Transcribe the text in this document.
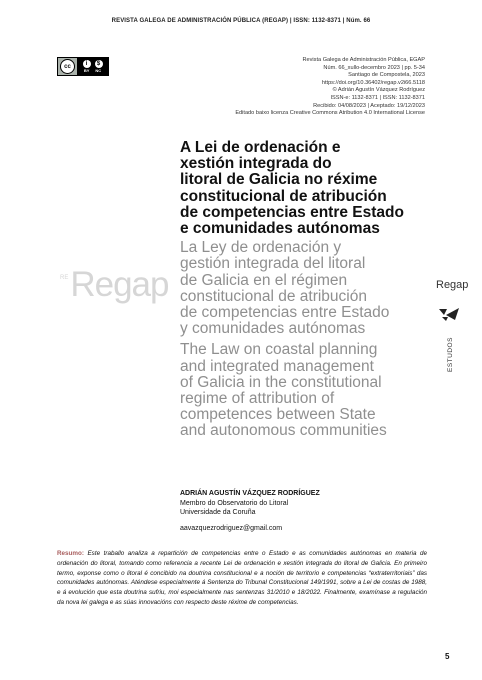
REVISTA GALEGA DE ADMINISTRACIÓN PÚBLICA (REGAP) | ISSN: 1132-8371 | Núm. 66
cc	i	$
BY NC
Revista Galega de Administración Pública, EGAP
Núm. 66_xullo-decembro 2023 | pp. 5-34
Santiago de Compostela, 2023
https://doi.org/10.36402/regap.v2i66.5118
© Adrián Agustín Vázquez Rodríguez
ISSN-e: 1132-8371 | ISSN: 1132-8371
Recibido: 04/08/2023 | Aceptado: 19/12/2023
Editado baixo licenza Creative Commons Atribution 4.0 International License
$^{RE}$Regap
A Lei de ordenación e
xestión integrada do
litoral de Galicia no réxime
constitucional de atribución
de competencias entre Estado
e comunidades autónomas
La Ley de ordenación y
gestión integrada del litoral
de Galicia en el régimen
constitucional de atribución
de competencias entre Estado
y comunidades autónomas
The Law on coastal planning
and integrated management
of Galicia in the constitutional
regime of attribution of
competences between State
and autonomous communities
Regap
ESTUDOS
ADRIÁN AGUSTÍN VÁZQUEZ RODRÍGUEZ
Membro do Observatorio do Litoral
Universidade da Coruña
aavazquezrodriguez@gmail.com
Resumo: Este traballo analiza a repartición de competencias entre o Estado e as comunidades autónomas en materia de ordenación do litoral, tomando como referencia a recente Lei de ordenación e xestión integrada do litoral de Galicia. En primeiro termo, exponse como o litoral é concibido na doutrina constitucional e a noción de territorio e competencias “extraterritoriais” das comunidades autónomas. Aténdese especialmente á Sentenza do Tribunal Constitucional 149/1991, sobre a Lei de costas de 1988, e á evolución que esta doutrina sufriu, moi especialmente nas sentenzas 31/2010 e 18/2022. Finalmente, examínase a regulación da nova lei galega e as súas innovacións con respecto deste réxime de competencias.
5
